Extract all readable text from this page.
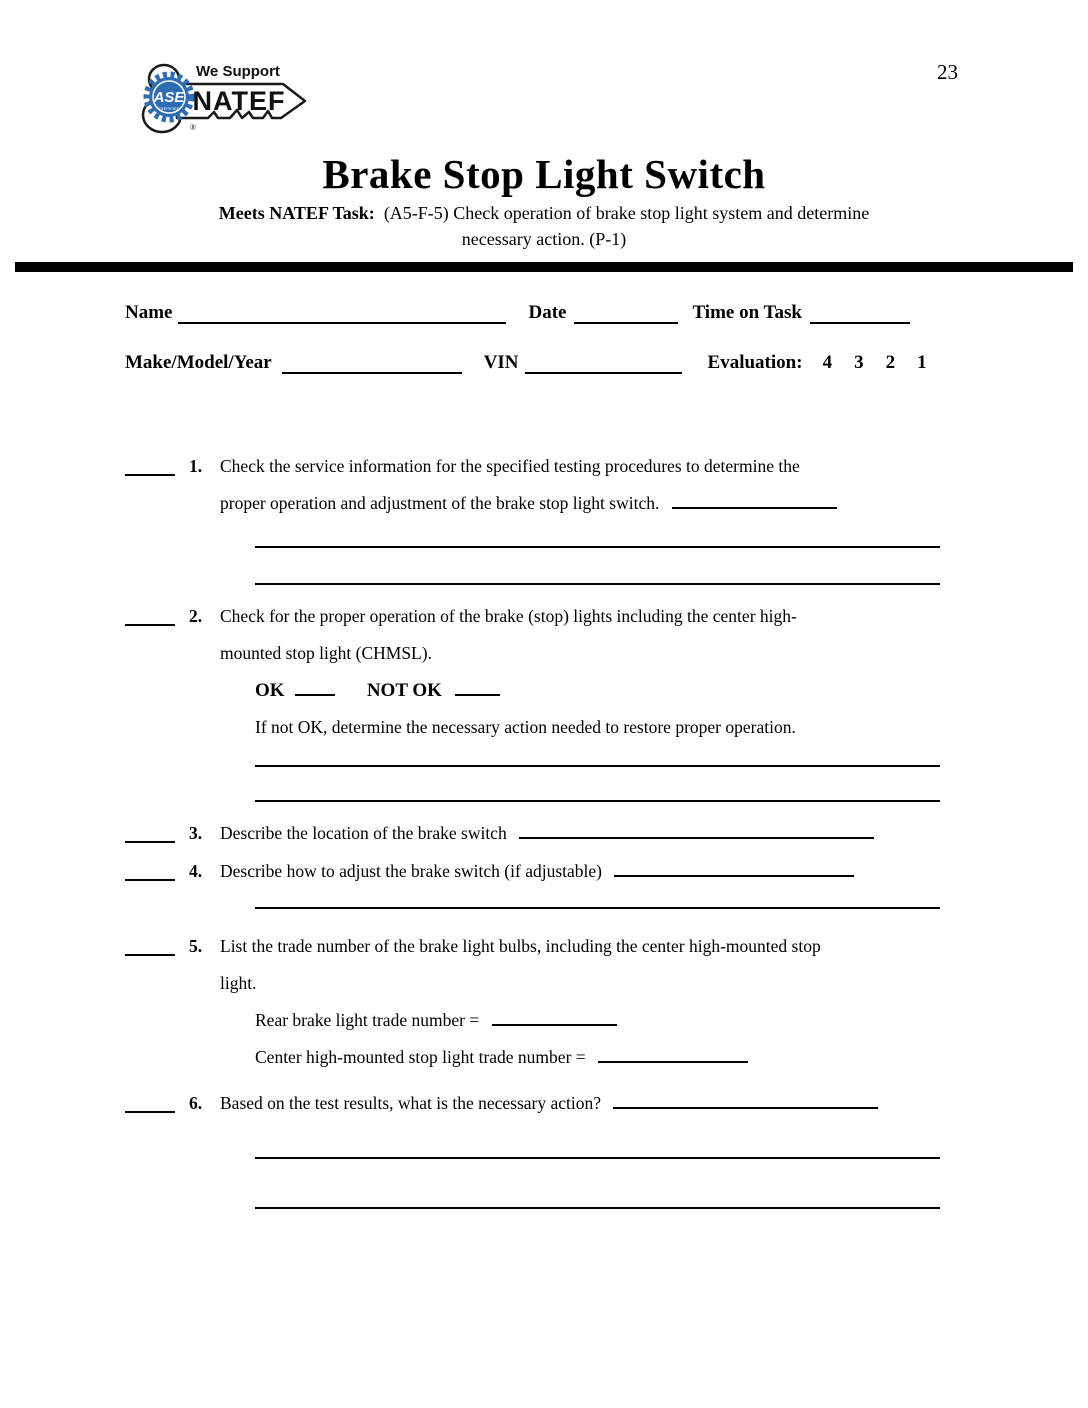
23
ASE
CERTIFIED
We Support
NATEF
®
Brake Stop Light Switch
Meets NATEF Task: (A5-F-5) Check operation of brake stop light system and determine
necessary action. (P-1)
Name	Date	Time on Task
Make/Model/Year	VIN	Evaluation: 4 3 2 1
1.	Check the service information for the specified testing procedures to determine the
proper operation and adjustment of the brake stop light switch.
2.	Check for the proper operation of the brake (stop) lights including the center high-
mounted stop light (CHMSL).
OK	NOT OK
If not OK, determine the necessary action needed to restore proper operation.
3.	Describe the location of the brake switch
4.	Describe how to adjust the brake switch (if adjustable)
5.	List the trade number of the brake light bulbs, including the center high-mounted stop
light.
Rear brake light trade number =
Center high-mounted stop light trade number =
6.	Based on the test results, what is the necessary action?
